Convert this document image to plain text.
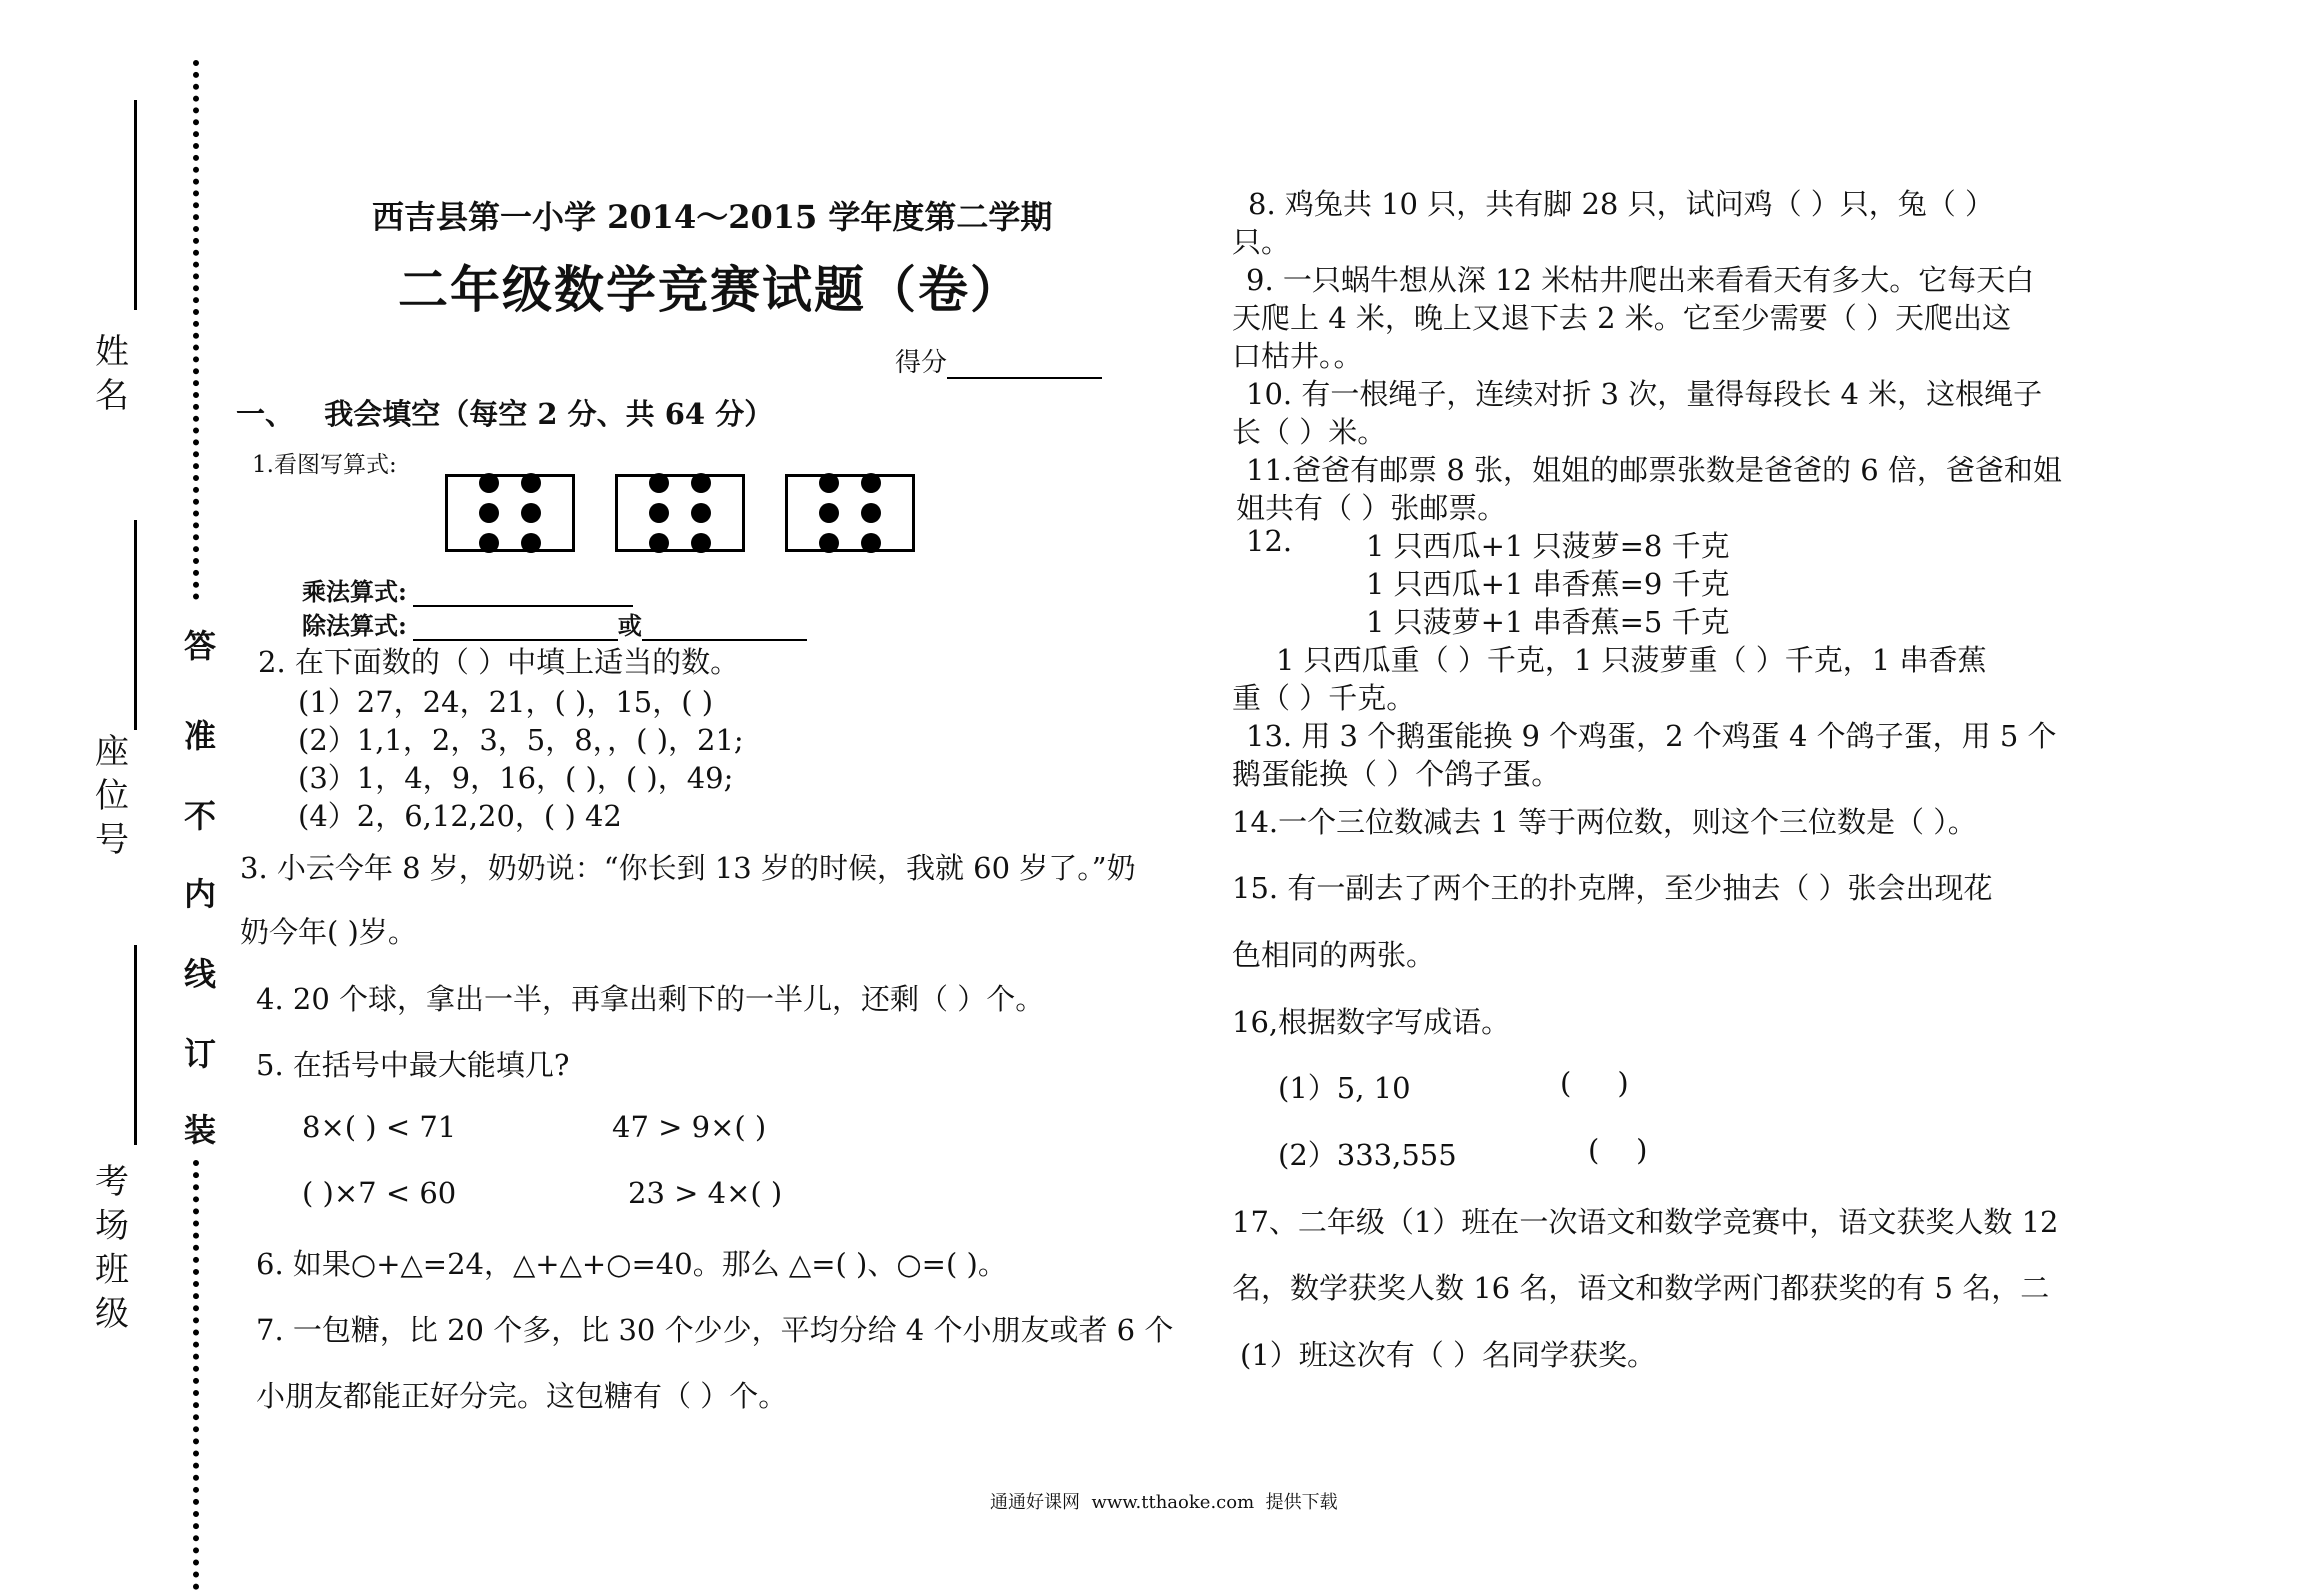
姓名
座位号
考场班级
答
准
不
内
线
订
装
西吉县第一小学 2014～2015 学年度第二学期
二年级数学竞赛试题（卷）
得分
一、   我会填空（每空 2 分、共 64 分）
1.看图写算式:
乘法算式:
除法算式:	或
2. 在下面数的（ ）中填上适当的数。
(1）27，24，21，( )，15，( )
(2）1,1，2，3，5，8，，( )，21;
(3）1，4，9，16，( )，( )，49;
(4）2，6,12,20，( ) 42
3. 小云今年 8 岁，奶奶说：“你长到 13 岁的时候，我就 60 岁了。”奶
奶今年( )岁。
4. 20 个球，拿出一半，再拿出剩下的一半儿，还剩（ ）个。
5. 在括号中最大能填几?
8×( ) < 71	47 > 9×( )
( )×7 < 60	23 > 4×( )
6. 如果○+△=24，△+△+○=40。那么 △=( )、○=( )。
7. 一包糖，比 20 个多，比 30 个少少，平均分给 4 个小朋友或者 6 个
小朋友都能正好分完。这包糖有（ ）个。
8. 鸡兔共 10 只，共有脚 28 只，试问鸡（ ）只，兔（ ）
只。
9. 一只蜗牛想从深 12 米枯井爬出来看看天有多大。它每天白
天爬上 4 米，晚上又退下去 2 米。它至少需要（ ）天爬出这
口枯井。。
10. 有一根绳子，连续对折 3 次，量得每段长 4 米，这根绳子
长（ ）米。
11.爸爸有邮票 8 张，姐姐的邮票张数是爸爸的 6 倍，爸爸和姐
姐共有（ ）张邮票。
12.	1 只西瓜+1 只菠萝=8 千克
1 只西瓜+1 串香蕉=9 千克
1 只菠萝+1 串香蕉=5 千克
1 只西瓜重（ ）千克，1 只菠萝重（ ）千克，1 串香蕉
重（ ）千克。
13. 用 3 个鹅蛋能换 9 个鸡蛋，2 个鸡蛋 4 个鸽子蛋，用 5 个
鹅蛋能换（ ）个鸽子蛋。
14.一个三位数减去 1 等于两位数，则这个三位数是（ ）。
15. 有一副去了两个王的扑克牌，至少抽去（ ）张会出现花
色相同的两张。
16,根据数字写成语。
(1）5, 10	(     )
(2）333,555	(    )
17、二年级（1）班在一次语文和数学竞赛中，语文获奖人数 12
名，数学获奖人数 16 名，语文和数学两门都获奖的有 5 名，二
(1）班这次有（ ）名同学获奖。
通通好课网  www.tthaoke.com  提供下载
